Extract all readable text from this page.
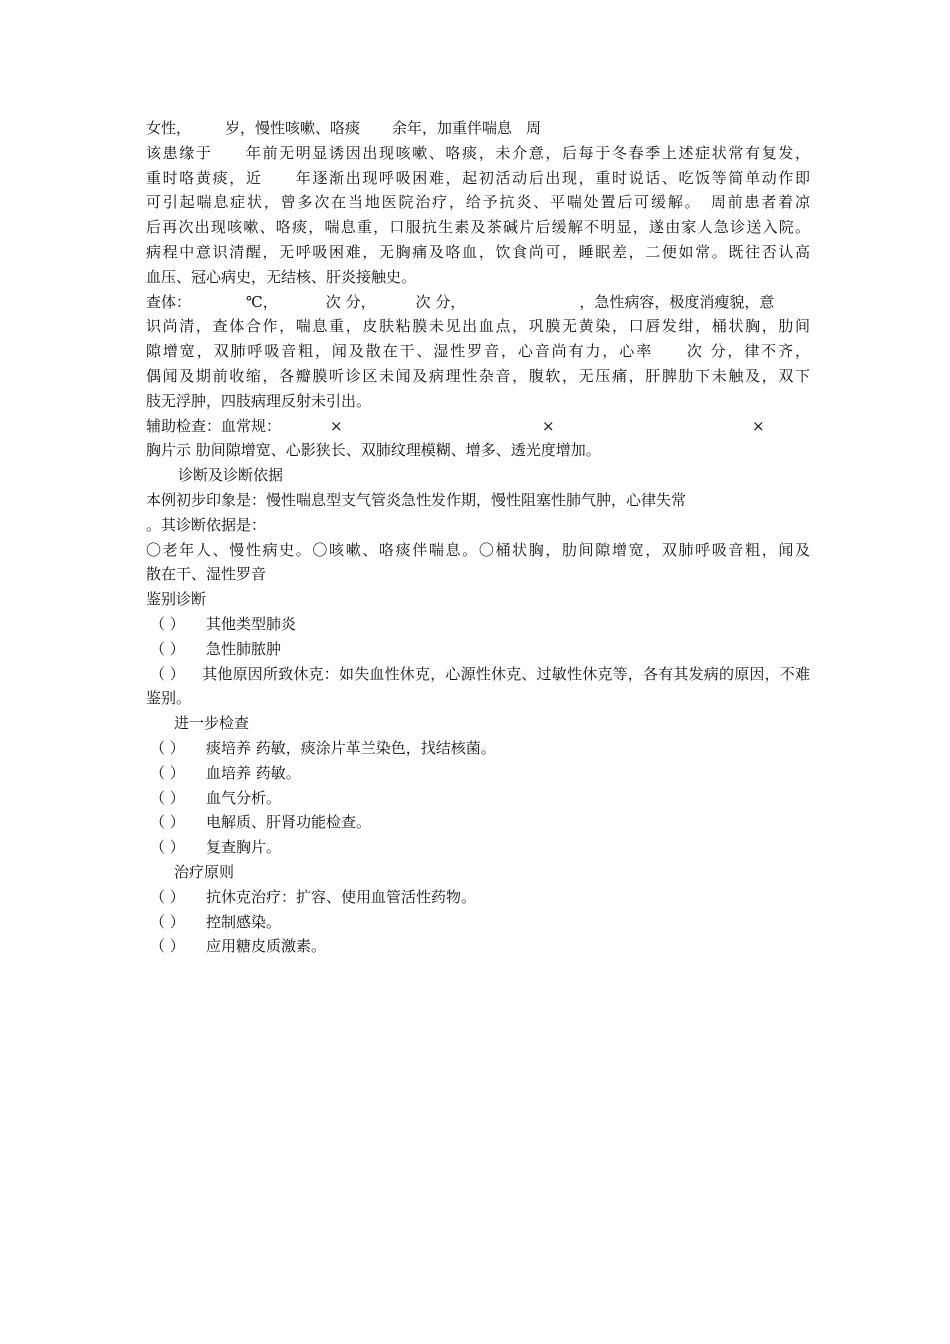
女性， 岁，慢性咳嗽、咯痰 余年，加重伴喘息 周
该患缘于　　年前无明显诱因出现咳嗽、咯痰，未介意，后每于冬春季上述症状常有复发，
重时咯黄痰，近　　年逐渐出现呼吸困难，起初活动后出现，重时说话、吃饭等简单动作即
可引起喘息症状，曾多次在当地医院治疗，给予抗炎、平喘处置后可缓解。　周前患者着凉
后再次出现咳嗽、咯痰，喘息重，口服抗生素及茶碱片后缓解不明显，遂由家人急诊送入院。
病程中意识清醒，无呼吸困难，无胸痛及咯血，饮食尚可，睡眠差，二便如常。既往否认高
血压、冠心病史，无结核、肝炎接触史。
查体：	℃，	次 分，	次 分，	，急性病容，极度消瘦貌，意
识尚清，查体合作，喘息重，皮肤粘膜未见出血点，巩膜无黄染，口唇发绀，桶状胸，肋间
隙增宽，双肺呼吸音粗，闻及散在干、湿性罗音，心音尚有力，心率　　次 分，律不齐，
偶闻及期前收缩，各瓣膜听诊区未闻及病理性杂音，腹软，无压痛，肝脾肋下未触及，双下
肢无浮肿，四肢病理反射未引出。
辅助检查：血常规：	×	×	×
胸片示 肋间隙增宽、心影狭长、双肺纹理模糊、增多、透光度增加。
诊断及诊断依据
本例初步印象是：慢性喘息型支气管炎急性发作期，慢性阻塞性肺气肿，心律失常
。其诊断依据是：
〇老年人、慢性病史。〇咳嗽、咯痰伴喘息。〇桶状胸，肋间隙增宽，双肺呼吸音粗，闻及
散在干、湿性罗音
鉴别诊断
（ ） 其他类型肺炎
（ ） 急性肺脓肿
（ ） 其他原因所致休克：如失血性休克，心源性休克、过敏性休克等，各有其发病的原因，不难鉴别。
进一步检查
（ ） 痰培养 药敏，痰涂片革兰染色，找结核菌。
（ ） 血培养 药敏。
（ ） 血气分析。
（ ） 电解质、肝肾功能检查。
（ ） 复查胸片。
治疗原则
（ ） 抗休克治疗：扩容、使用血管活性药物。
（ ） 控制感染。
（ ） 应用糖皮质激素。
